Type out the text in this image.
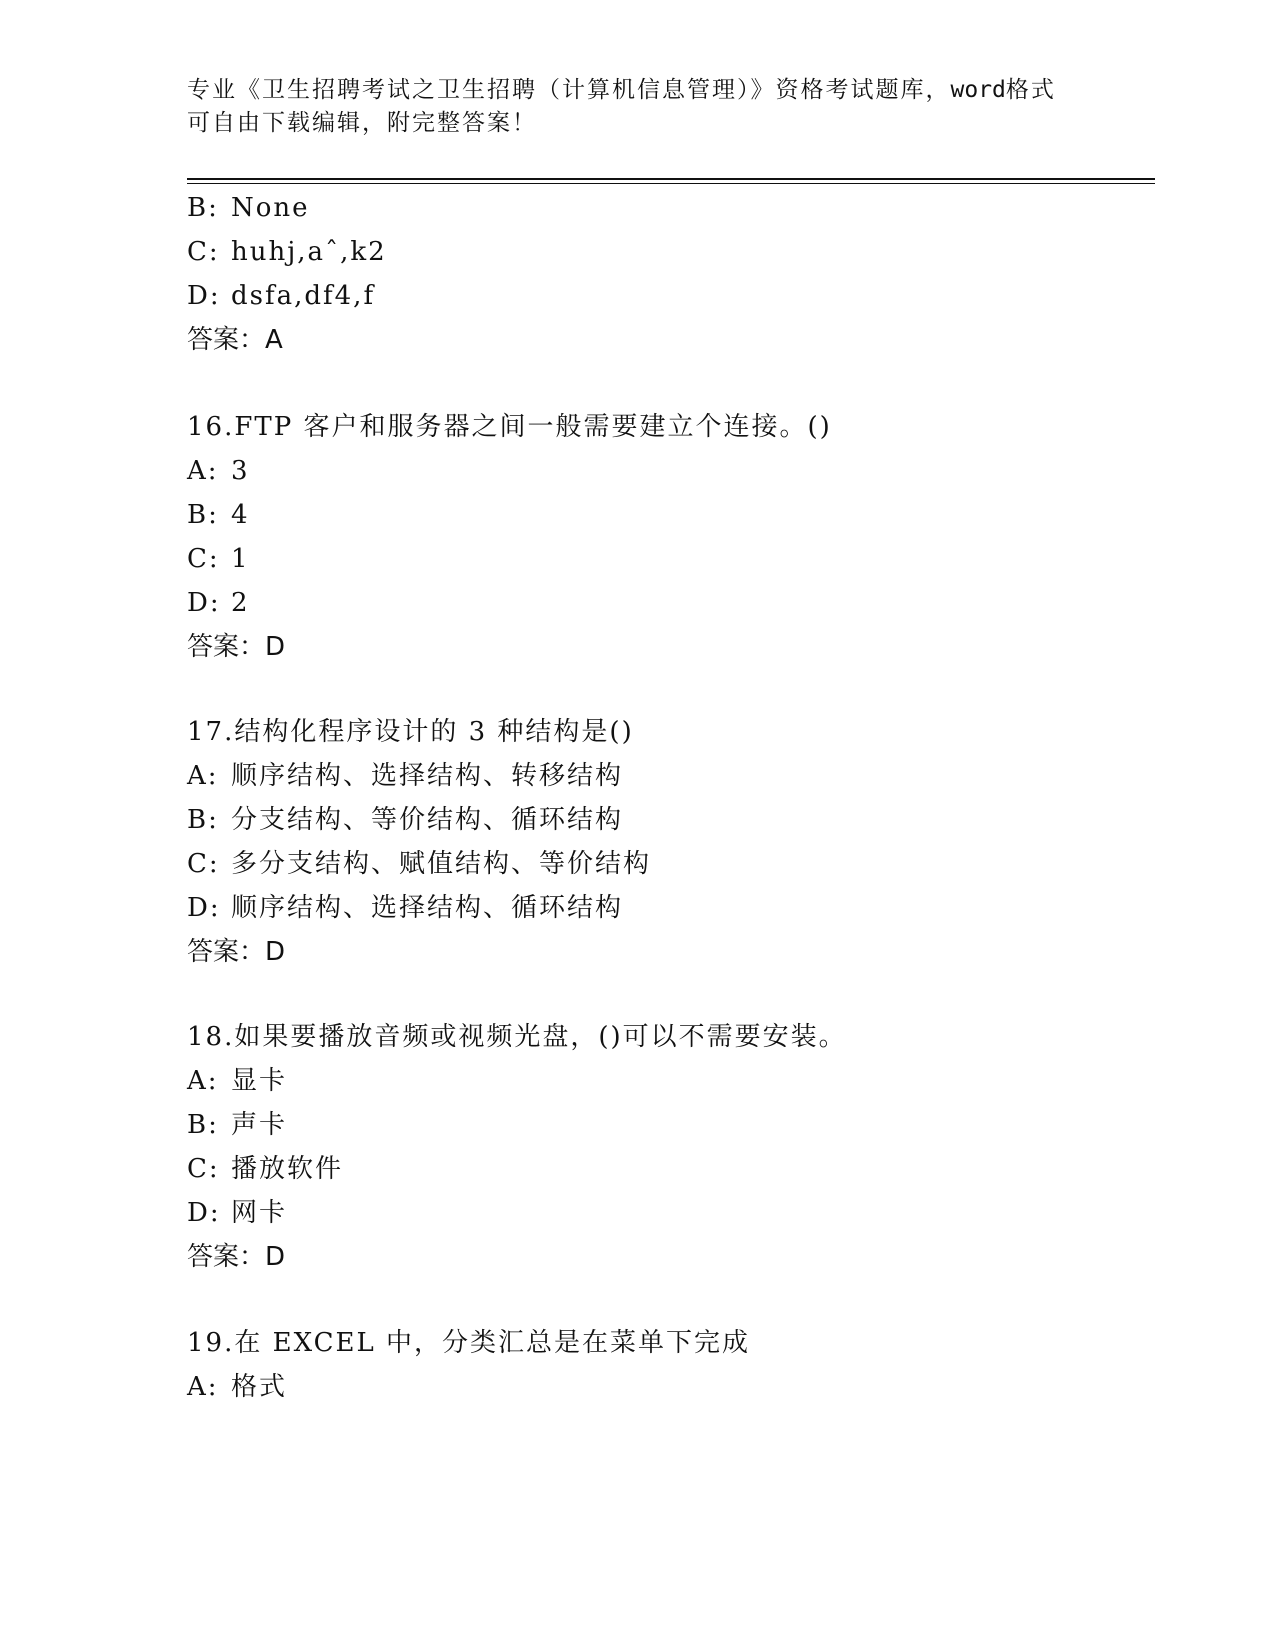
专业《卫生招聘考试之卫生招聘（计算机信息管理）》资格考试题库，word格式
可自由下载编辑，附完整答案！
B: None
C: huhj,aˆ,k2
D: dsfa,df4,f
答案：A
16.FTP 客户和服务器之间一般需要建立个连接。()
A: 3
B: 4
C: 1
D: 2
答案：D
17.结构化程序设计的 3 种结构是()
A: 顺序结构、选择结构、转移结构
B: 分支结构、等价结构、循环结构
C: 多分支结构、赋值结构、等价结构
D: 顺序结构、选择结构、循环结构
答案：D
18.如果要播放音频或视频光盘，()可以不需要安装。
A: 显卡
B: 声卡
C: 播放软件
D: 网卡
答案：D
19.在 EXCEL 中，分类汇总是在菜单下完成
A: 格式
